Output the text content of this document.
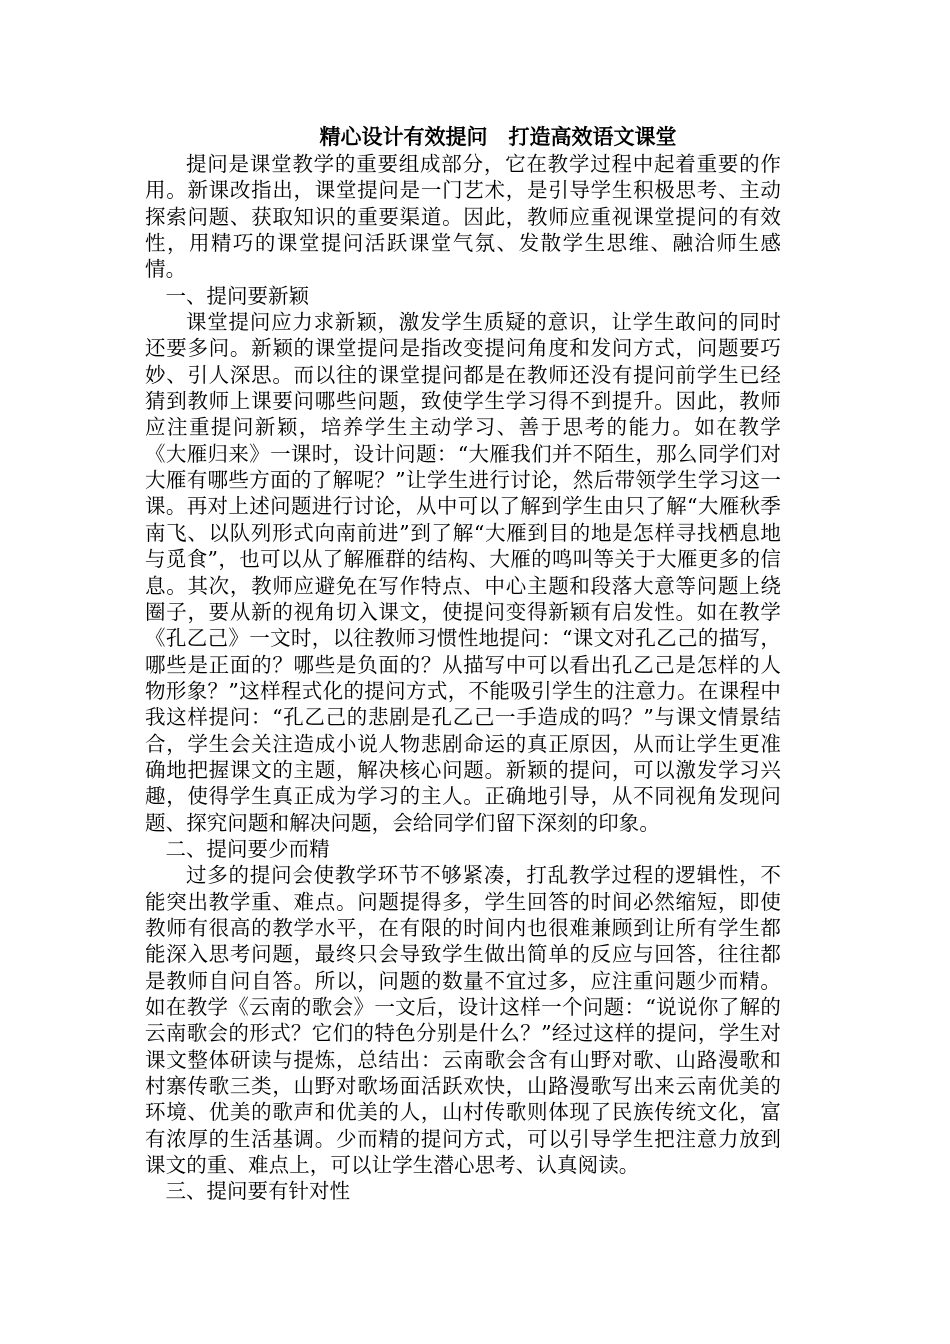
精心设计有效提问　打造高效语文课堂

提问是课堂教学的重要组成部分，它在教学过程中起着重要的作用。新课改指出，课堂提问是一门艺术，是引导学生积极思考、主动探索问题、获取知识的重要渠道。因此，教师应重视课堂提问的有效性，用精巧的课堂提问活跃课堂气氛、发散学生思维、融洽师生感情。

一、提问要新颖

课堂提问应力求新颖，激发学生质疑的意识，让学生敢问的同时还要多问。新颖的课堂提问是指改变提问角度和发问方式，问题要巧妙、引人深思。而以往的课堂提问都是在教师还没有提问前学生已经猜到教师上课要问哪些问题，致使学生学习得不到提升。因此，教师应注重提问新颖，培养学生主动学习、善于思考的能力。如在教学《大雁归来》一课时，设计问题：“大雁我们并不陌生，那么同学们对大雁有哪些方面的了解呢？”让学生进行讨论，然后带领学生学习这一课。再对上述问题进行讨论，从中可以了解到学生由只了解“大雁秋季南飞、以队列形式向南前进”到了解“大雁到目的地是怎样寻找栖息地与觅食”，也可以从了解雁群的结构、大雁的鸣叫等关于大雁更多的信息。其次，教师应避免在写作特点、中心主题和段落大意等问题上绕圈子，要从新的视角切入课文，使提问变得新颖有启发性。如在教学《孔乙己》一文时，以往教师习惯性地提问：“课文对孔乙己的描写，哪些是正面的？哪些是负面的？从描写中可以看出孔乙己是怎样的人物形象？”这样程式化的提问方式，不能吸引学生的注意力。在课程中我这样提问：“孔乙己的悲剧是孔乙己一手造成的吗？”与课文情景结合，学生会关注造成小说人物悲剧命运的真正原因，从而让学生更准确地把握课文的主题，解决核心问题。新颖的提问，可以激发学习兴趣，使得学生真正成为学习的主人。正确地引导，从不同视角发现问题、探究问题和解决问题，会给同学们留下深刻的印象。

二、提问要少而精

过多的提问会使教学环节不够紧凑，打乱教学过程的逻辑性，不能突出教学重、难点。问题提得多，学生回答的时间必然缩短，即使教师有很高的教学水平，在有限的时间内也很难兼顾到让所有学生都能深入思考问题，最终只会导致学生做出简单的反应与回答，往往都是教师自问自答。所以，问题的数量不宜过多，应注重问题少而精。如在教学《云南的歌会》一文后，设计这样一个问题：“说说你了解的云南歌会的形式？它们的特色分别是什么？”经过这样的提问，学生对课文整体研读与提炼，总结出：云南歌会含有山野对歌、山路漫歌和村寨传歌三类，山野对歌场面活跃欢快，山路漫歌写出来云南优美的环境、优美的歌声和优美的人，山村传歌则体现了民族传统文化，富有浓厚的生活基调。少而精的提问方式，可以引导学生把注意力放到课文的重、难点上，可以让学生潜心思考、认真阅读。

三、提问要有针对性
